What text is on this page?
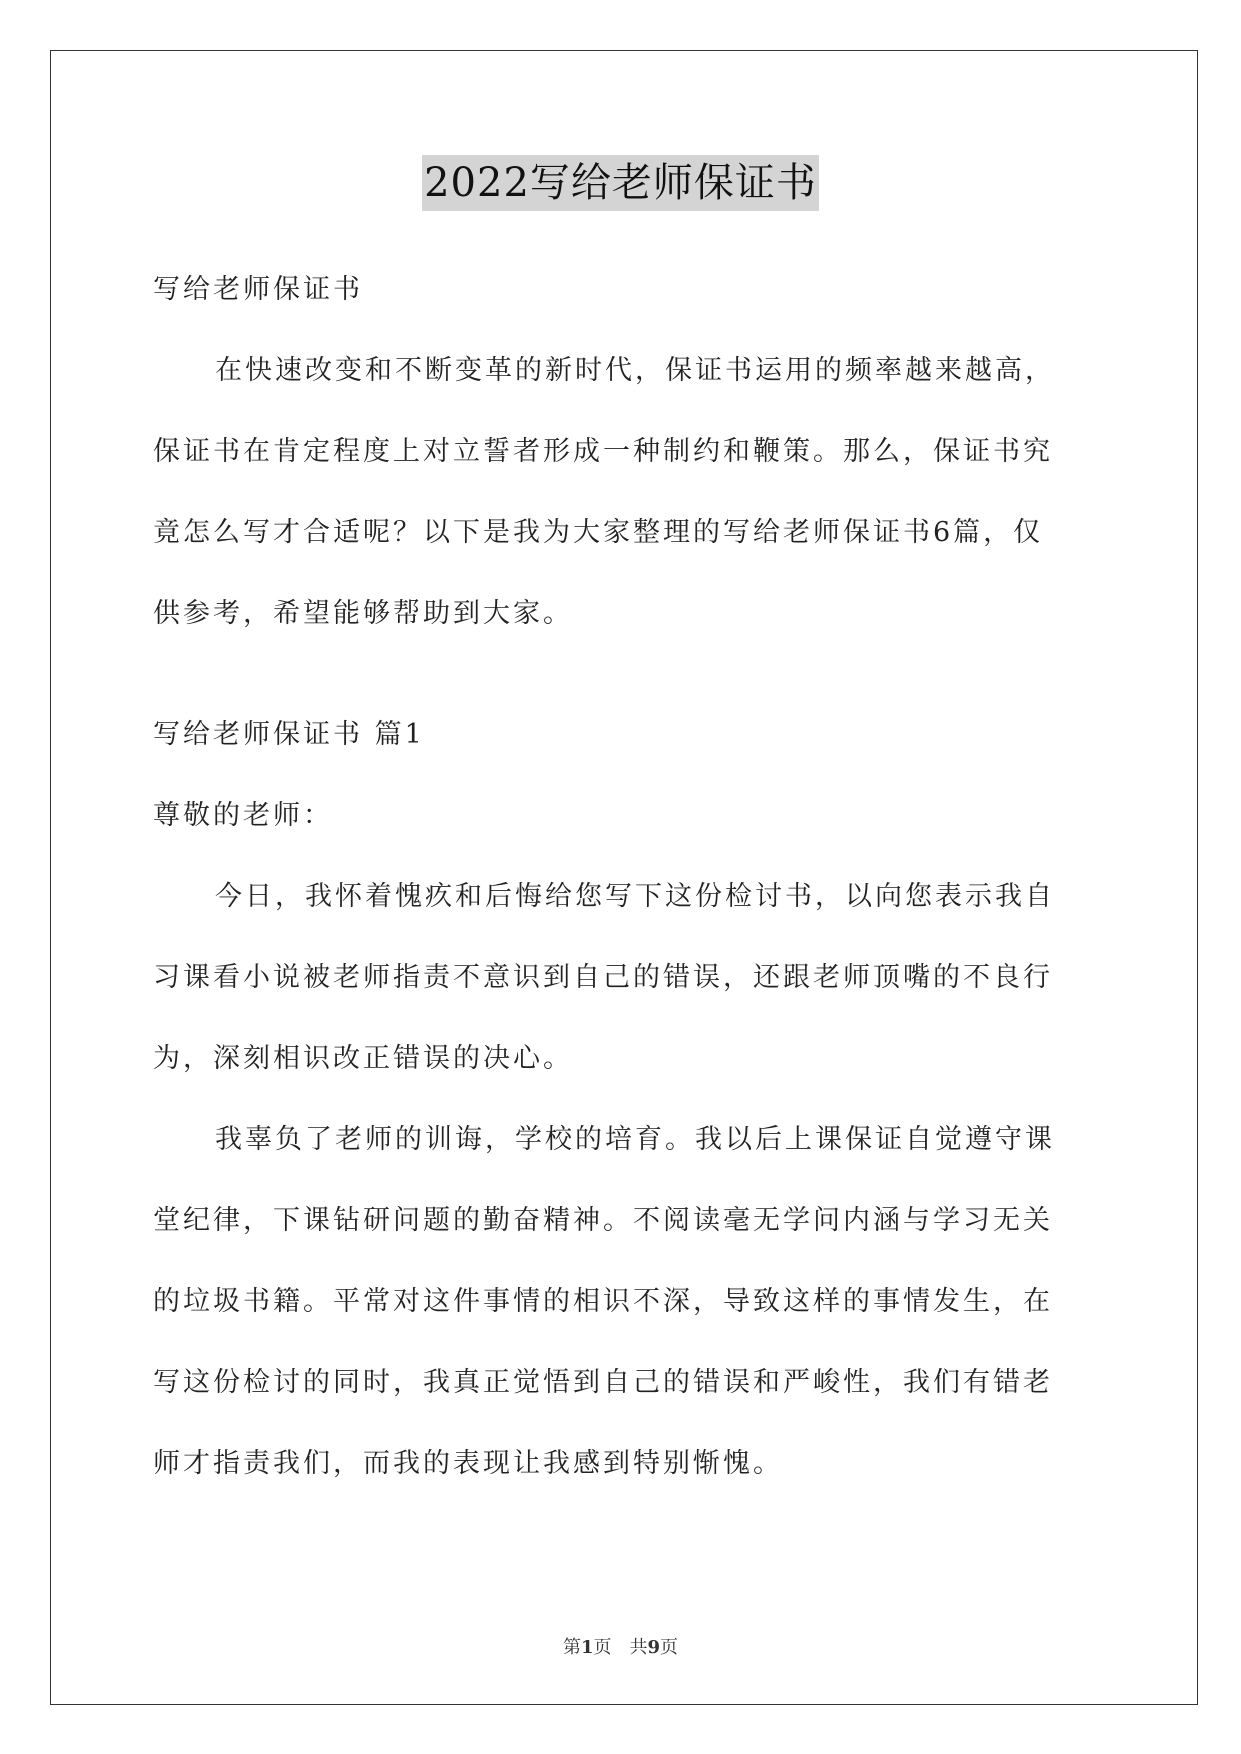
2022写给老师保证书
写给老师保证书
在快速改变和不断变革的新时代，保证书运用的频率越来越高，
保证书在肯定程度上对立誓者形成一种制约和鞭策。那么，保证书究
竟怎么写才合适呢？以下是我为大家整理的写给老师保证书6篇，仅
供参考，希望能够帮助到大家。
写给老师保证书 篇1
尊敬的老师：
今日，我怀着愧疚和后悔给您写下这份检讨书，以向您表示我自
习课看小说被老师指责不意识到自己的错误，还跟老师顶嘴的不良行
为，深刻相识改正错误的决心。
我辜负了老师的训诲，学校的培育。我以后上课保证自觉遵守课
堂纪律，下课钻研问题的勤奋精神。不阅读毫无学问内涵与学习无关
的垃圾书籍。平常对这件事情的相识不深，导致这样的事情发生，在
写这份检讨的同时，我真正觉悟到自己的错误和严峻性，我们有错老
师才指责我们，而我的表现让我感到特别惭愧。
第1页　共9页
